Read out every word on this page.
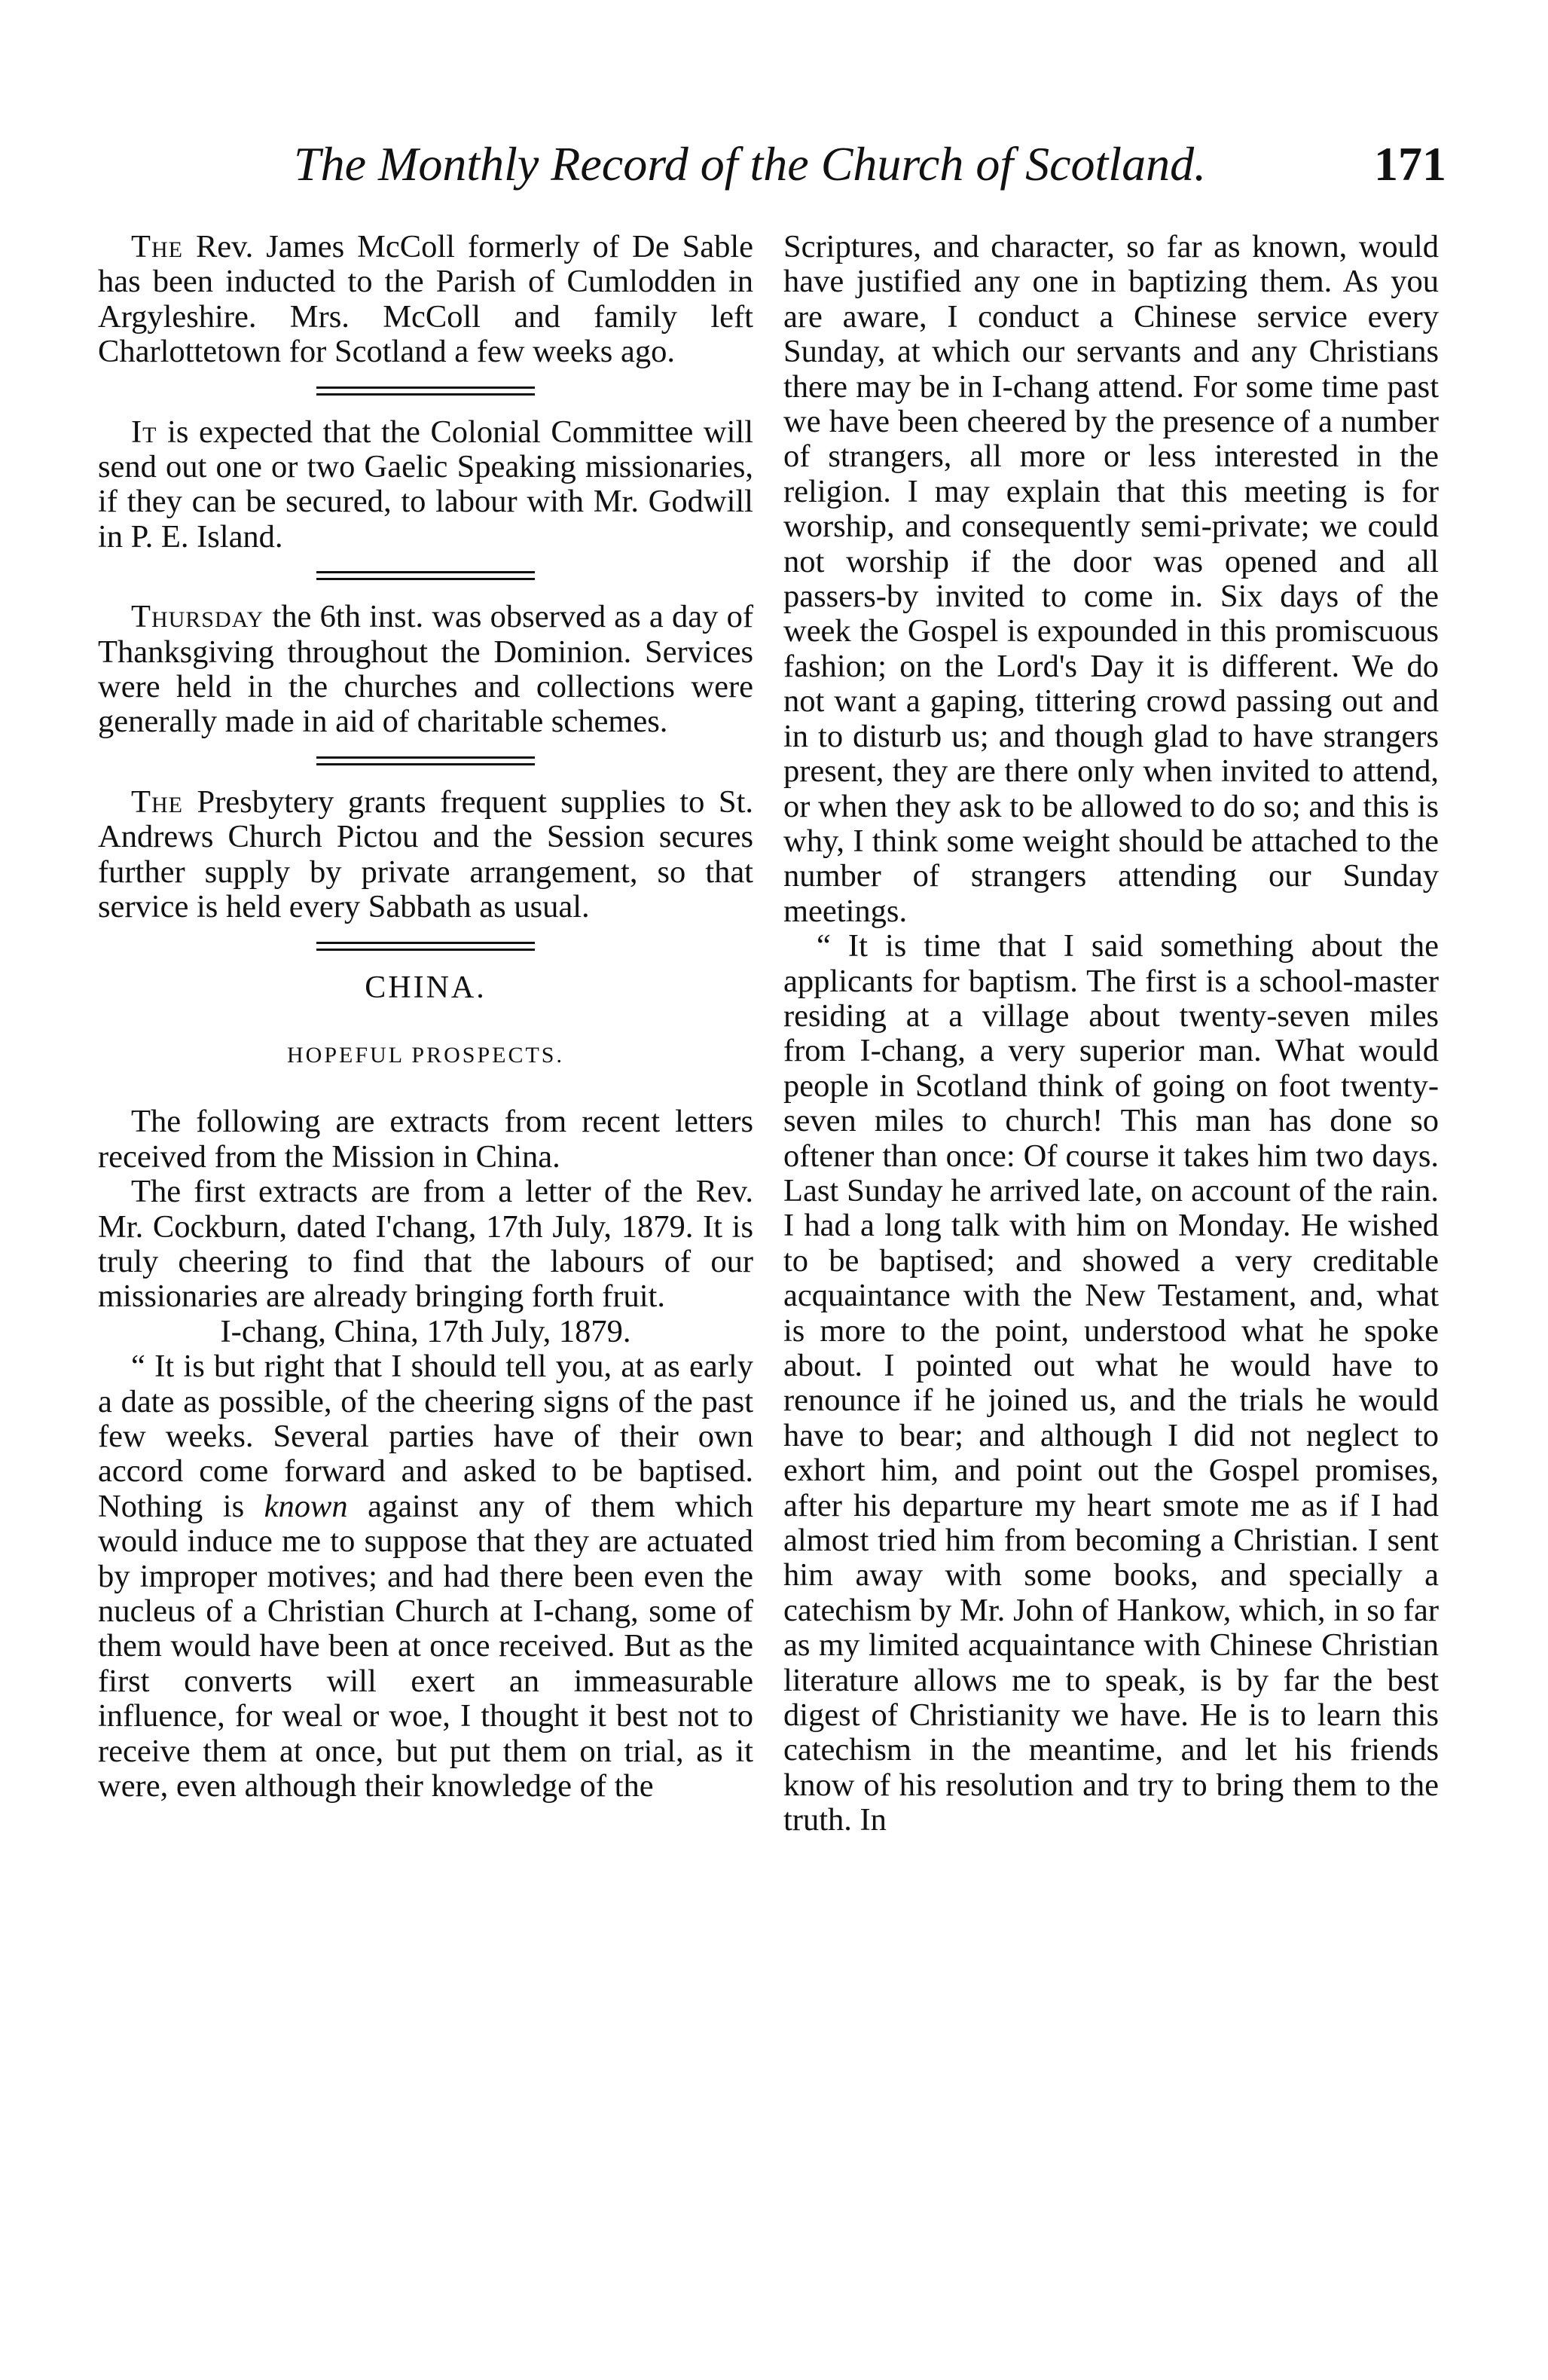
The Monthly Record of the Church of Scotland.	171

The Rev. James McColl formerly of De Sable has been inducted to the Parish of Cumlodden in Argyleshire. Mrs. McColl and family left Charlottetown for Scotland a few weeks ago.

It is expected that the Colonial Committee will send out one or two Gaelic Speaking missionaries, if they can be secured, to labour with Mr. Godwill in P. E. Island.

Thursday the 6th inst. was observed as a day of Thanksgiving throughout the Dominion. Services were held in the churches and collections were generally made in aid of charitable schemes.

The Presbytery grants frequent supplies to St. Andrews Church Pictou and the Session secures further supply by private arrangement, so that service is held every Sabbath as usual.

CHINA.
HOPEFUL PROSPECTS.

The following are extracts from recent letters received from the Mission in China.

The first extracts are from a letter of the Rev. Mr. Cockburn, dated I'chang, 17th July, 1879. It is truly cheering to find that the labours of our missionaries are already bringing forth fruit.

I-chang, China, 17th July, 1879.

“ It is but right that I should tell you, at as early a date as possible, of the cheering signs of the past few weeks. Several parties have of their own accord come forward and asked to be baptised. Nothing is known against any of them which would induce me to suppose that they are actuated by improper motives; and had there been even the nucleus of a Christian Church at I-chang, some of them would have been at once received. But as the first converts will exert an immeasurable influence, for weal or woe, I thought it best not to receive them at once, but put them on trial, as it were, even although their knowledge of the

Scriptures, and character, so far as known, would have justified any one in baptizing them. As you are aware, I conduct a Chinese service every Sunday, at which our servants and any Christians there may be in I-chang attend. For some time past we have been cheered by the presence of a number of strangers, all more or less interested in the religion. I may explain that this meeting is for worship, and consequently semi-private; we could not worship if the door was opened and all passers-by invited to come in. Six days of the week the Gospel is expounded in this promiscuous fashion; on the Lord's Day it is different. We do not want a gaping, tittering crowd passing out and in to disturb us; and though glad to have strangers present, they are there only when invited to attend, or when they ask to be allowed to do so; and this is why, I think some weight should be attached to the number of strangers attending our Sunday meetings.

“ It is time that I said something about the applicants for baptism. The first is a school-master residing at a village about twenty-seven miles from I-chang, a very superior man. What would people in Scotland think of going on foot twenty-seven miles to church! This man has done so oftener than once: Of course it takes him two days. Last Sunday he arrived late, on account of the rain. I had a long talk with him on Monday. He wished to be baptised; and showed a very creditable acquaintance with the New Testament, and, what is more to the point, understood what he spoke about. I pointed out what he would have to renounce if he joined us, and the trials he would have to bear; and although I did not neglect to exhort him, and point out the Gospel promises, after his departure my heart smote me as if I had almost tried him from becoming a Christian. I sent him away with some books, and specially a catechism by Mr. John of Hankow, which, in so far as my limited acquaintance with Chinese Christian literature allows me to speak, is by far the best digest of Christianity we have. He is to learn this catechism in the meantime, and let his friends know of his resolution and try to bring them to the truth. In
